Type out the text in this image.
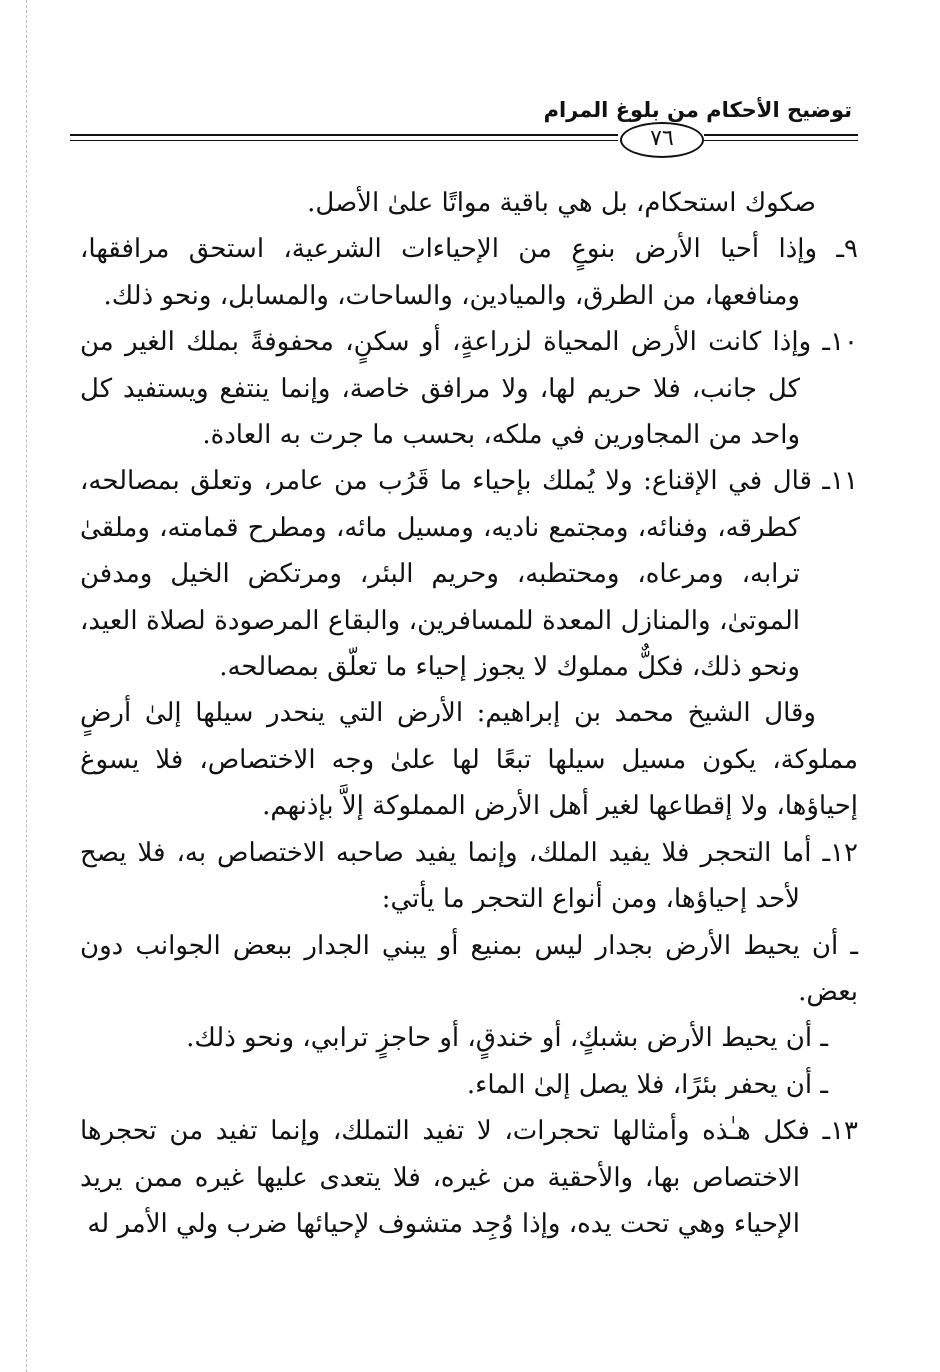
توضيح الأحكام من بلوغ المرام
٧٦

صكوك استحكام، بل هي باقية مواتًا علىٰ الأصل.

٩ـ وإذا أحيا الأرض بنوعٍ من الإحياءات الشرعية، استحق مرافقها، ومنافعها، من الطرق، والميادين، والساحات، والمسابل، ونحو ذلك.

١٠ـ وإذا كانت الأرض المحياة لزراعةٍ، أو سكنٍ، محفوفةً بملك الغير من كل جانب، فلا حريم لها، ولا مرافق خاصة، وإنما ينتفع ويستفيد كل واحد من المجاورين في ملكه، بحسب ما جرت به العادة.

١١ـ قال في الإقناع: ولا يُملك بإحياء ما قَرُب من عامر، وتعلق بمصالحه، كطرقه، وفنائه، ومجتمع ناديه، ومسيل مائه، ومطرح قمامته، وملقىٰ ترابه، ومرعاه، ومحتطبه، وحريم البئر، ومرتكض الخيل ومدفن الموتىٰ، والمنازل المعدة للمسافرين، والبقاع المرصودة لصلاة العيد، ونحو ذلك، فكلٌّ مملوك لا يجوز إحياء ما تعلّق بمصالحه.

وقال الشيخ محمد بن إبراهيم: الأرض التي ينحدر سيلها إلىٰ أرضٍ مملوكة، يكون مسيل سيلها تبعًا لها علىٰ وجه الاختصاص، فلا يسوغ إحياؤها، ولا إقطاعها لغير أهل الأرض المملوكة إلاَّ بإذنهم.

١٢ـ أما التحجر فلا يفيد الملك، وإنما يفيد صاحبه الاختصاص به، فلا يصح لأحد إحياؤها، ومن أنواع التحجر ما يأتي:

ـ أن يحيط الأرض بجدار ليس بمنيع أو يبني الجدار ببعض الجوانب دون بعض.

ـ أن يحيط الأرض بشبكٍ، أو خندقٍ، أو حاجزٍ ترابي، ونحو ذلك.

ـ أن يحفر بئرًا، فلا يصل إلىٰ الماء.

١٣ـ فكل هـٰذه وأمثالها تحجرات، لا تفيد التملك، وإنما تفيد من تحجرها الاختصاص بها، والأحقية من غيره، فلا يتعدى عليها غيره ممن يريد الإحياء وهي تحت يده، وإذا وُجِد متشوف لإحيائها ضرب ولي الأمر له
